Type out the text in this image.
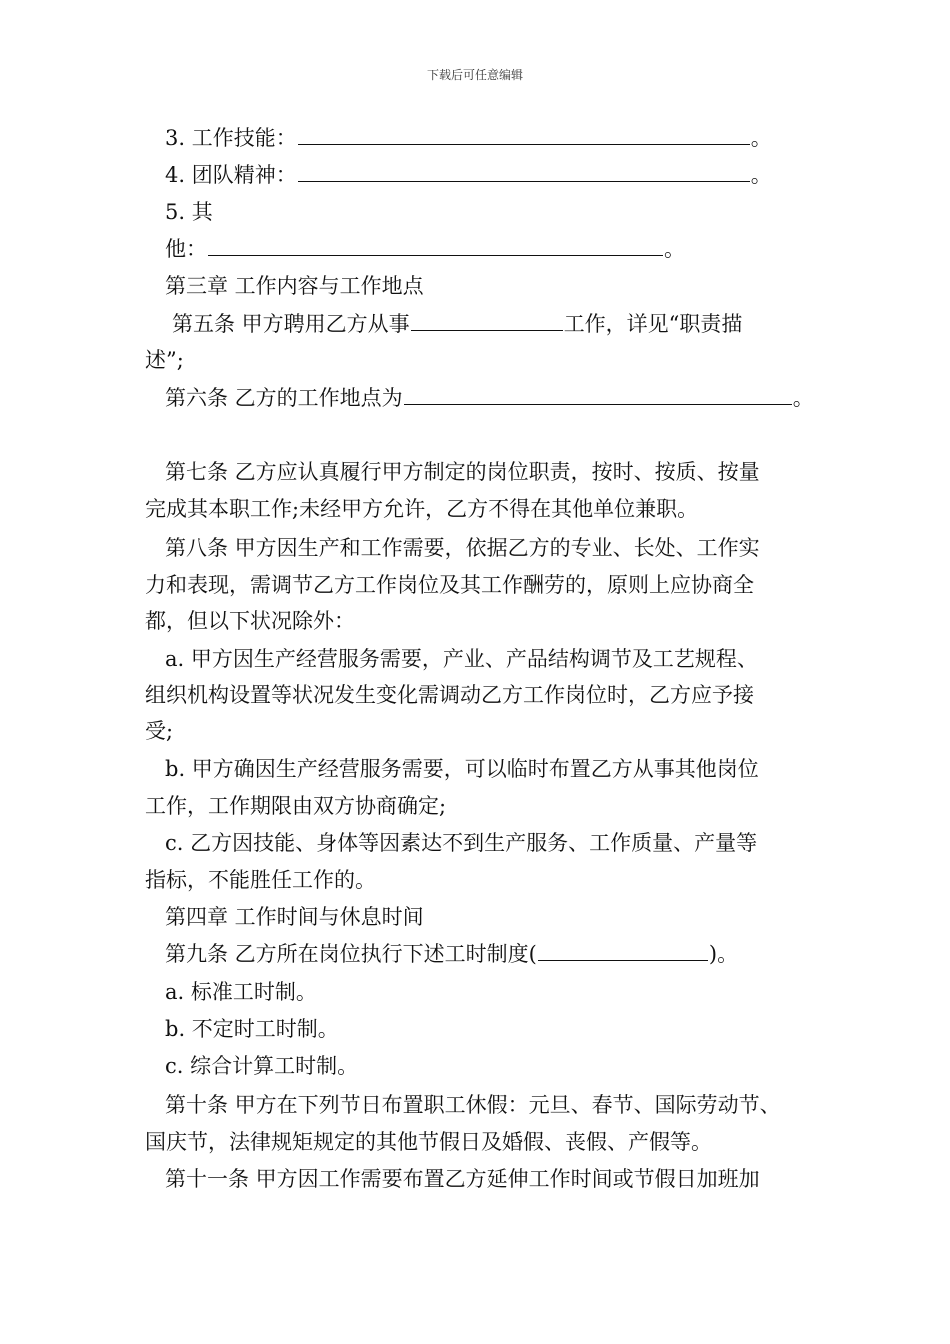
下载后可任意编辑
3. 工作技能：	。
4. 团队精神：	。
5. 其
他：	。
第三章 工作内容与工作地点
第五条 甲方聘用乙方从事	工作，详见“职责描
述”;
第六条 乙方的工作地点为	。
第七条 乙方应认真履行甲方制定的岗位职责，按时、按质、按量
完成其本职工作;未经甲方允许，乙方不得在其他单位兼职。
第八条 甲方因生产和工作需要，依据乙方的专业、长处、工作实
力和表现，需调节乙方工作岗位及其工作酬劳的，原则上应协商全
都，但以下状况除外：
a. 甲方因生产经营服务需要，产业、产品结构调节及工艺规程、
组织机构设置等状况发生变化需调动乙方工作岗位时，乙方应予接
受;
b. 甲方确因生产经营服务需要，可以临时布置乙方从事其他岗位
工作，工作期限由双方协商确定;
c. 乙方因技能、身体等因素达不到生产服务、工作质量、产量等
指标，不能胜任工作的。
第四章 工作时间与休息时间
第九条 乙方所在岗位执行下述工时制度(	)。
a. 标准工时制。
b. 不定时工时制。
c. 综合计算工时制。
第十条 甲方在下列节日布置职工休假：元旦、春节、国际劳动节、
国庆节，法律规矩规定的其他节假日及婚假、丧假、产假等。
第十一条 甲方因工作需要布置乙方延伸工作时间或节假日加班加
